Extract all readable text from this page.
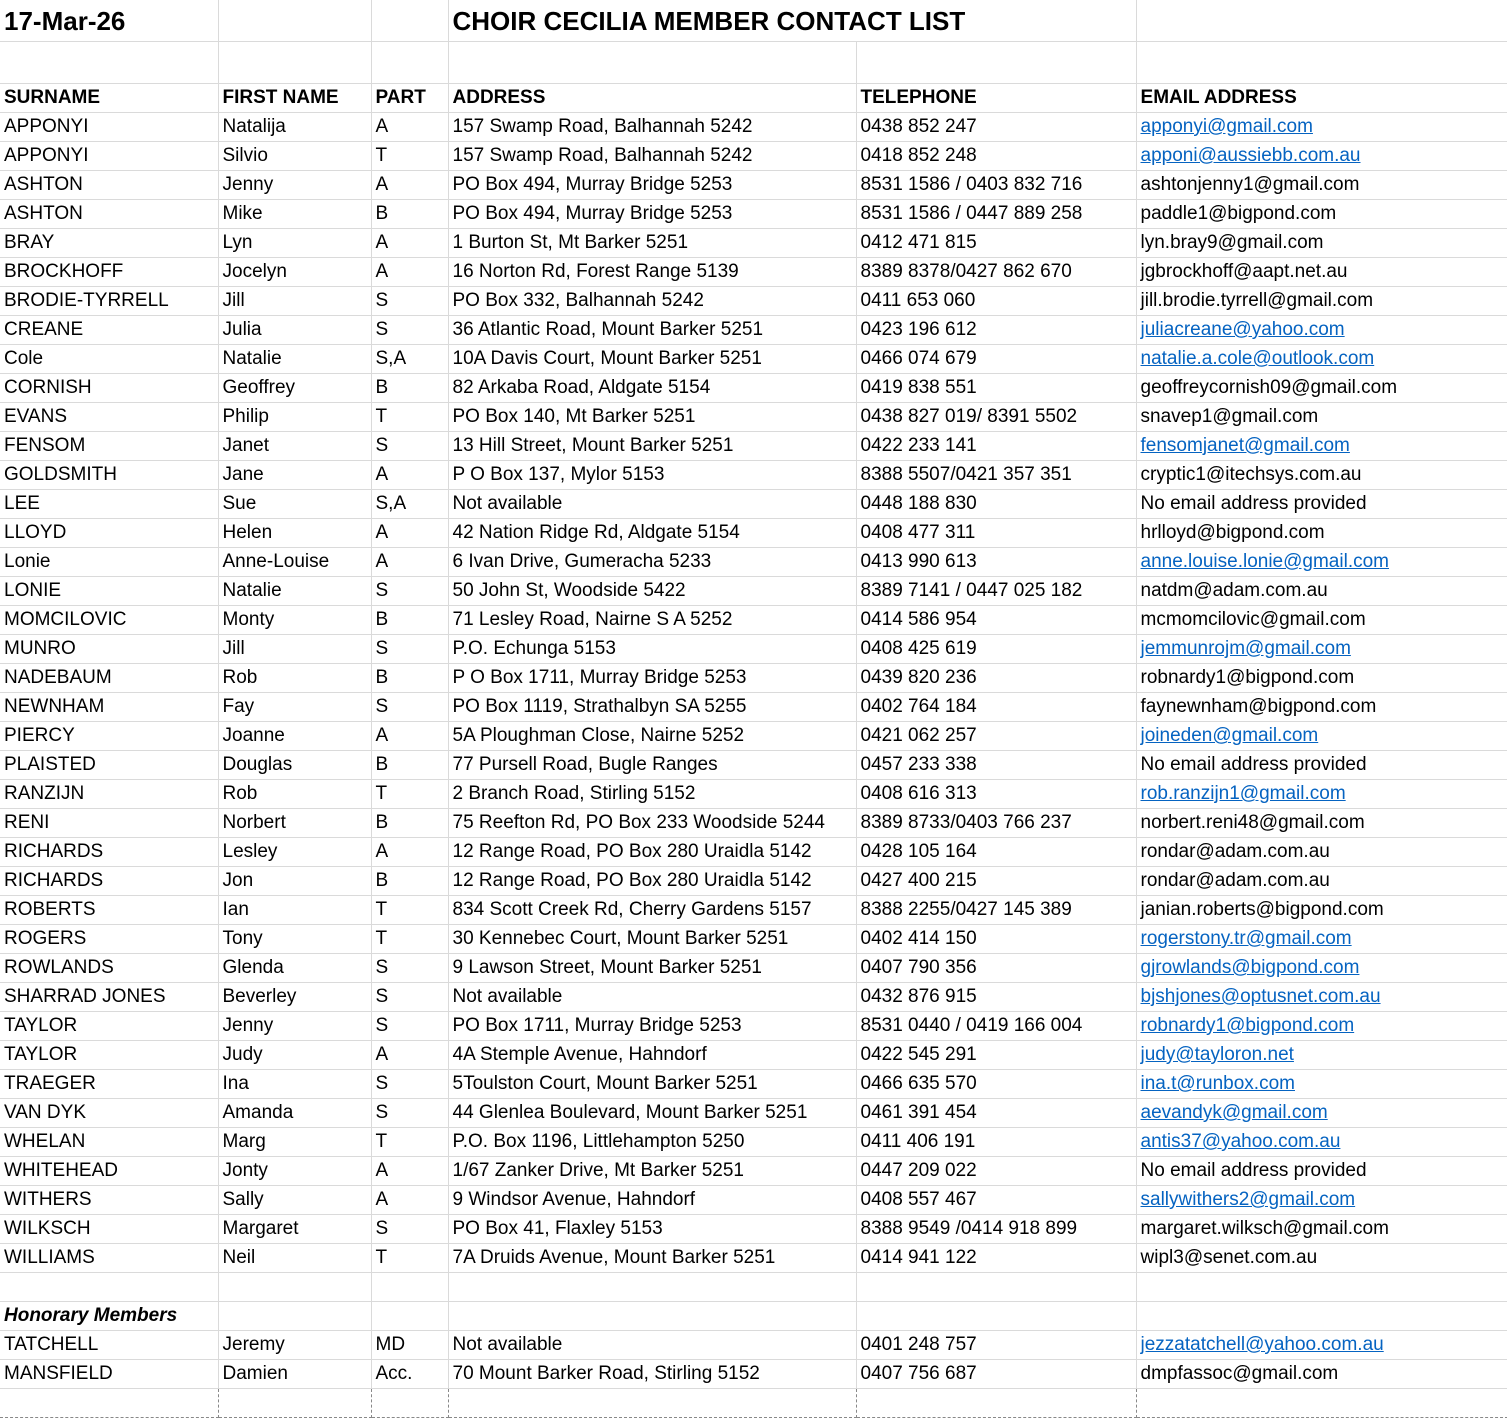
17-Mar-26			CHOIR CECILIA MEMBER CONTACT LIST		

SURNAME	FIRST NAME	PART	ADDRESS	TELEPHONE	EMAIL ADDRESS
APPONYI	Natalija	A	157 Swamp Road, Balhannah 5242	0438 852 247	apponyi@gmail.com
APPONYI	Silvio	T	157 Swamp Road, Balhannah 5242	0418 852 248	apponi@aussiebb.com.au
ASHTON	Jenny	A	PO Box 494, Murray Bridge 5253	8531 1586 / 0403 832 716	ashtonjenny1@gmail.com
ASHTON	Mike	B	PO Box 494, Murray Bridge 5253	8531 1586 / 0447 889 258	paddle1@bigpond.com
BRAY	Lyn	A	1 Burton St, Mt Barker 5251	0412 471 815	lyn.bray9@gmail.com
BROCKHOFF	Jocelyn	A	16 Norton Rd, Forest Range 5139	8389 8378/0427 862 670	jgbrockhoff@aapt.net.au
BRODIE-TYRRELL	Jill	S	PO Box 332, Balhannah 5242	0411 653 060	jill.brodie.tyrrell@gmail.com
CREANE	Julia	S	36 Atlantic Road, Mount Barker 5251	0423 196 612	juliacreane@yahoo.com
Cole	Natalie	S,A	10A Davis Court, Mount Barker 5251	0466 074 679	natalie.a.cole@outlook.com
CORNISH	Geoffrey	B	82 Arkaba Road, Aldgate 5154	0419 838 551	geoffreycornish09@gmail.com
EVANS	Philip	T	PO Box 140, Mt Barker 5251	0438 827 019/ 8391 5502	snavep1@gmail.com
FENSOM	Janet	S	13 Hill Street, Mount Barker 5251	0422 233 141	fensomjanet@gmail.com
GOLDSMITH	Jane	A	P O Box 137, Mylor 5153	8388 5507/0421 357 351	cryptic1@itechsys.com.au
LEE	Sue	S,A	Not available	0448 188 830	No email address provided
LLOYD	Helen	A	42 Nation Ridge Rd, Aldgate 5154	0408 477 311	hrlloyd@bigpond.com
Lonie	Anne-Louise	A	6 Ivan Drive, Gumeracha 5233	0413 990 613	anne.louise.lonie@gmail.com
LONIE	Natalie	S	50 John St, Woodside 5422	8389 7141 / 0447 025 182	natdm@adam.com.au
MOMCILOVIC	Monty	B	71 Lesley Road, Nairne S A 5252	0414 586 954	mcmomcilovic@gmail.com
MUNRO	Jill	S	P.O. Echunga 5153	0408 425 619	jemmunrojm@gmail.com
NADEBAUM	Rob	B	P O Box 1711, Murray Bridge 5253	0439 820 236	robnardy1@bigpond.com
NEWNHAM	Fay	S	PO Box 1119, Strathalbyn SA 5255	0402 764 184	faynewnham@bigpond.com
PIERCY	Joanne	A	5A Ploughman Close, Nairne 5252	0421 062 257	joineden@gmail.com
PLAISTED	Douglas	B	77 Pursell Road, Bugle Ranges	0457 233 338	No email address provided
RANZIJN	Rob	T	2 Branch Road, Stirling 5152	0408 616 313	rob.ranzijn1@gmail.com
RENI	Norbert	B	75 Reefton Rd, PO Box 233 Woodside 5244	8389 8733/0403 766 237	norbert.reni48@gmail.com
RICHARDS	Lesley	A	12 Range Road, PO Box 280 Uraidla 5142	0428 105 164	rondar@adam.com.au
RICHARDS	Jon	B	12 Range Road, PO Box 280 Uraidla 5142	0427 400 215	rondar@adam.com.au
ROBERTS	Ian	T	834 Scott Creek Rd, Cherry Gardens 5157	8388 2255/0427 145 389	janian.roberts@bigpond.com
ROGERS	Tony	T	30 Kennebec Court, Mount Barker 5251	0402 414 150	rogerstony.tr@gmail.com
ROWLANDS	Glenda	S	9 Lawson Street, Mount Barker 5251	0407 790 356	gjrowlands@bigpond.com
SHARRAD JONES	Beverley	S	Not available	0432 876 915	bjshjones@optusnet.com.au
TAYLOR	Jenny	S	PO Box 1711, Murray Bridge 5253	8531 0440 / 0419 166 004	robnardy1@bigpond.com
TAYLOR	Judy	A	4A Stemple Avenue, Hahndorf	0422 545 291	judy@tayloron.net
TRAEGER	Ina	S	5Toulston Court, Mount Barker 5251	0466 635 570	ina.t@runbox.com
VAN DYK	Amanda	S	44 Glenlea Boulevard, Mount Barker 5251	0461 391 454	aevandyk@gmail.com
WHELAN	Marg	T	P.O. Box 1196, Littlehampton 5250	0411 406 191	antis37@yahoo.com.au
WHITEHEAD	Jonty	A	1/67 Zanker Drive, Mt Barker 5251	0447 209 022	No email address provided
WITHERS	Sally	A	9 Windsor Avenue, Hahndorf	0408 557 467	sallywithers2@gmail.com
WILKSCH	Margaret	S	PO Box 41, Flaxley 5153	8388 9549 /0414 918 899	margaret.wilksch@gmail.com
WILLIAMS	Neil	T	7A Druids Avenue, Mount Barker 5251	0414 941 122	wipl3@senet.com.au

Honorary Members					
TATCHELL	Jeremy	MD	Not available	0401 248 757	jezzatatchell@yahoo.com.au
MANSFIELD	Damien	Acc.	70 Mount Barker Road, Stirling 5152	0407 756 687	dmpfassoc@gmail.com
